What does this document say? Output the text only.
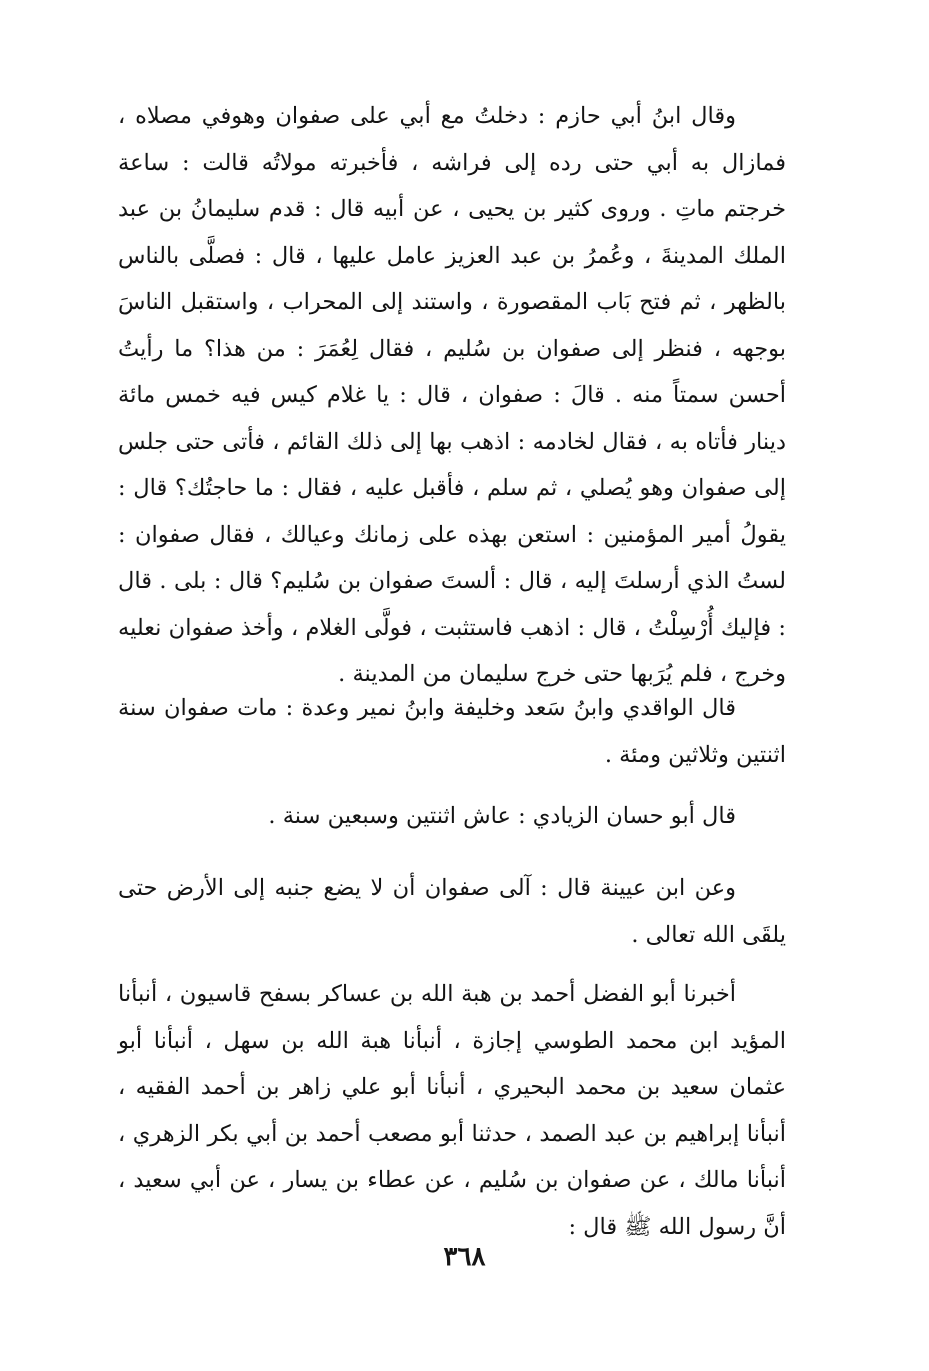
وقال ابنُ أبي حازم : دخلتُ مع أبي على صفوان وهوفي مصلاه ، فمازال به أبي حتى رده إلى فراشه ، فأخبرته مولاتُه قالت : ساعة خرجتم ماتِ . وروى كثير بن يحيى ، عن أبيه قال : قدم سليمانُ بن عبد الملك المدينةَ ، وعُمرُ بن عبد العزيز عامل عليها ، قال : فصلَّى بالناس بالظهر ، ثم فتح بَاب المقصورة ، واستند إلى المحراب ، واستقبل الناسَ بوجهه ، فنظر إلى صفوان بن سُليم ، فقال لِعُمَرَ : من هذا؟ ما رأيتُ أحسن سمتاً منه . قالَ : صفوان ، قال : يا غلام كيس فيه خمس مائة دينار فأتاه به ، فقال لخادمه : اذهب بها إلى ذلك القائم ، فأتى حتى جلس إلى صفوان وهو يُصلي ، ثم سلم ، فأقبل عليه ، فقال : ما حاجتُك؟ قال : يقولُ أمير المؤمنين : استعن بهذه على زمانك وعيالك ، فقال صفوان : لستُ الذي أرسلتَ إليه ، قال : ألستَ صفوان بن سُليم؟ قال : بلى . قال : فإليك أُرْسِلْتُ ، قال : اذهب فاستثبت ، فولَّى الغلام ، وأخذ صفوان نعليه وخرج ، فلم يُرَبها حتى خرج سليمان من المدينة .

قال الواقدي وابنُ سَعد وخليفة وابنُ نمير وعدة : مات صفوان سنة اثنتين وثلاثين ومئة .

قال أبو حسان الزيادي : عاش اثنتين وسبعين سنة .

وعن ابن عيينة قال : آلى صفوان أن لا يضع جنبه إلى الأرض حتى يلقَى الله تعالى .

أخبرنا أبو الفضل أحمد بن هبة الله بن عساكر بسفح قاسيون ، أنبأنا المؤيد ابن محمد الطوسي إجازة ، أنبأنا هبة الله بن سهل ، أنبأنا أبو عثمان سعيد بن محمد البحيري ، أنبأنا أبو علي زاهر بن أحمد الفقيه ، أنبأنا إبراهيم بن عبد الصمد ، حدثنا أبو مصعب أحمد بن أبي بكر الزهري ، أنبأنا مالك ، عن صفوان بن سُليم ، عن عطاء بن يسار ، عن أبي سعيد ، أنَّ رسول الله ﷺ قال :

٣٦٨
